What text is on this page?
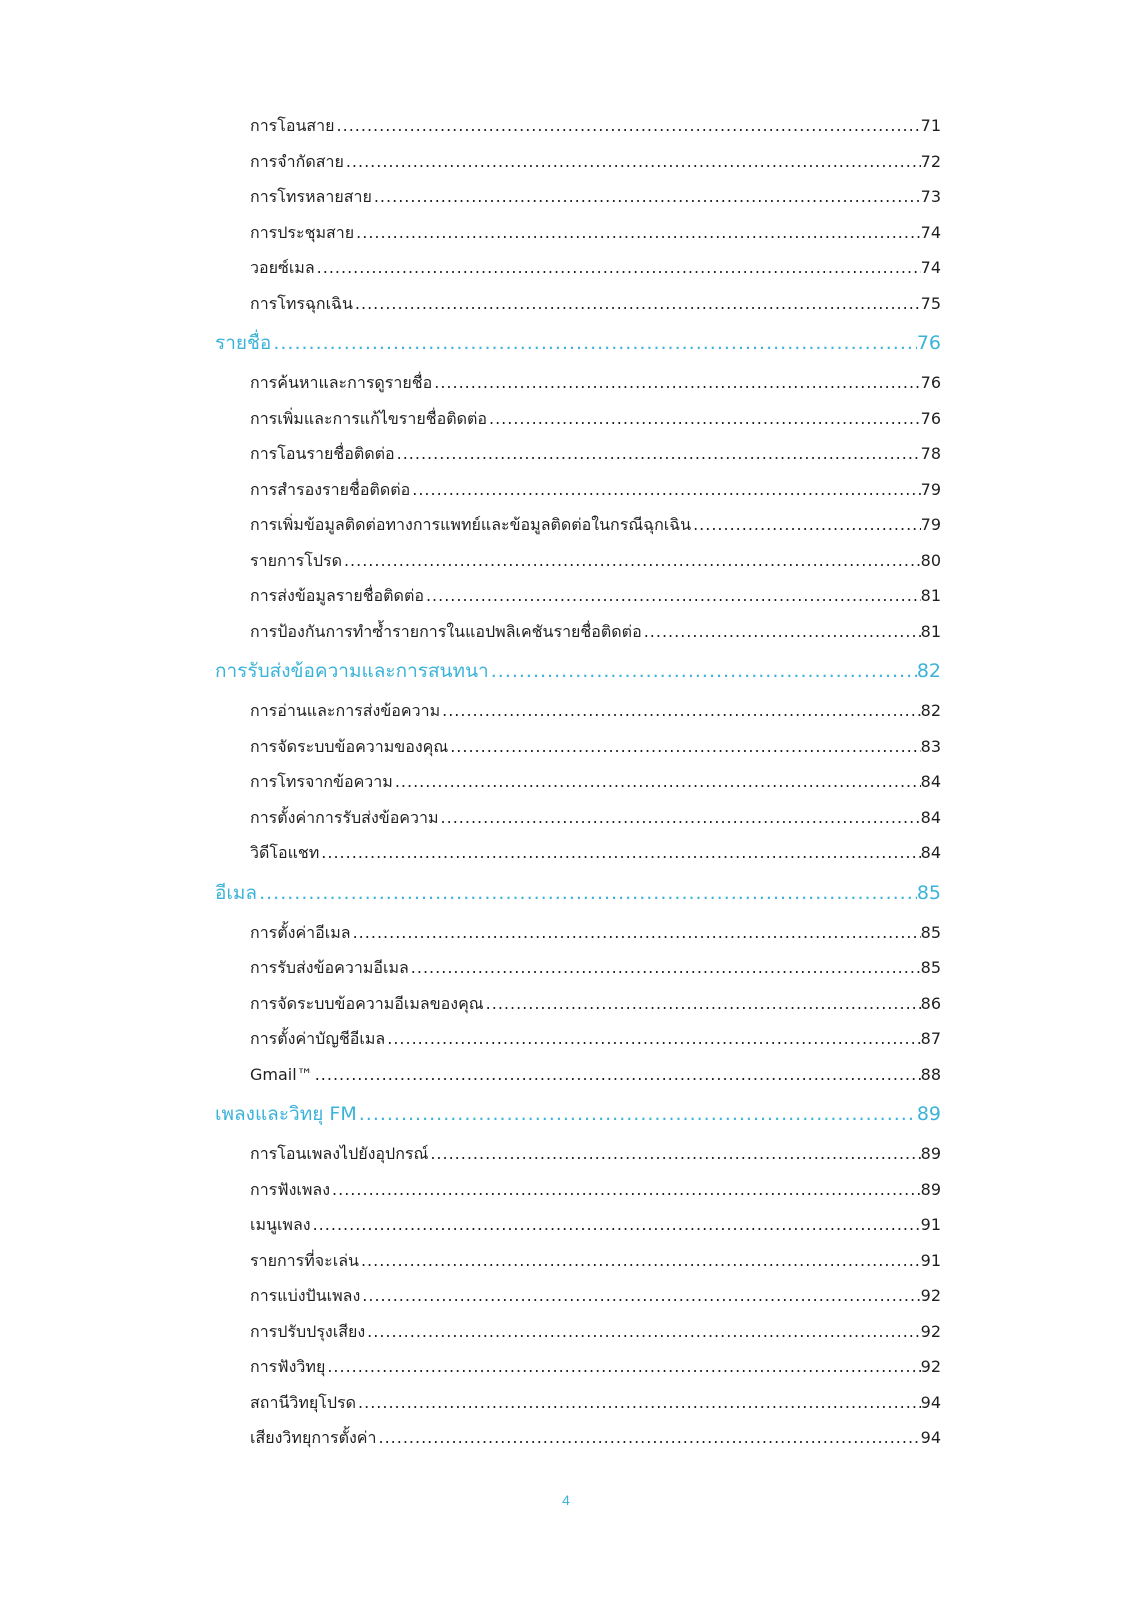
การโอนสาย .....	71
การจำกัดสาย .....	72
การโทรหลายสาย .....	73
การประชุมสาย .....	74
วอยซ์เมล .....	74
การโทรฉุกเฉิน .....	75
รายชื่อ .....	76
การค้นหาและการดูรายชื่อ .....	76
การเพิ่มและการแก้ไขรายชื่อติดต่อ .....	76
การโอนรายชื่อติดต่อ .....	78
การสำรองรายชื่อติดต่อ .....	79
การเพิ่มข้อมูลติดต่อทางการแพทย์และข้อมูลติดต่อในกรณีฉุกเฉิน .....	79
รายการโปรด .....	80
การส่งข้อมูลรายชื่อติดต่อ .....	81
การป้องกันการทำซ้ำรายการในแอปพลิเคชันรายชื่อติดต่อ .....	81
การรับส่งข้อความและการสนทนา .....	82
การอ่านและการส่งข้อความ .....	82
การจัดระบบข้อความของคุณ .....	83
การโทรจากข้อความ .....	84
การตั้งค่าการรับส่งข้อความ .....	84
วิดีโอแชท .....	84
อีเมล .....	85
การตั้งค่าอีเมล .....	85
การรับส่งข้อความอีเมล .....	85
การจัดระบบข้อความอีเมลของคุณ .....	86
การตั้งค่าบัญชีอีเมล .....	87
Gmail™ .....	88
เพลงและวิทยุ FM .....	89
การโอนเพลงไปยังอุปกรณ์ .....	89
การฟังเพลง .....	89
เมนูเพลง .....	91
รายการที่จะเล่น .....	91
การแบ่งปันเพลง .....	92
การปรับปรุงเสียง .....	92
การฟังวิทยุ .....	92
สถานีวิทยุโปรด .....	94
เสียงวิทยุการตั้งค่า .....	94
4
